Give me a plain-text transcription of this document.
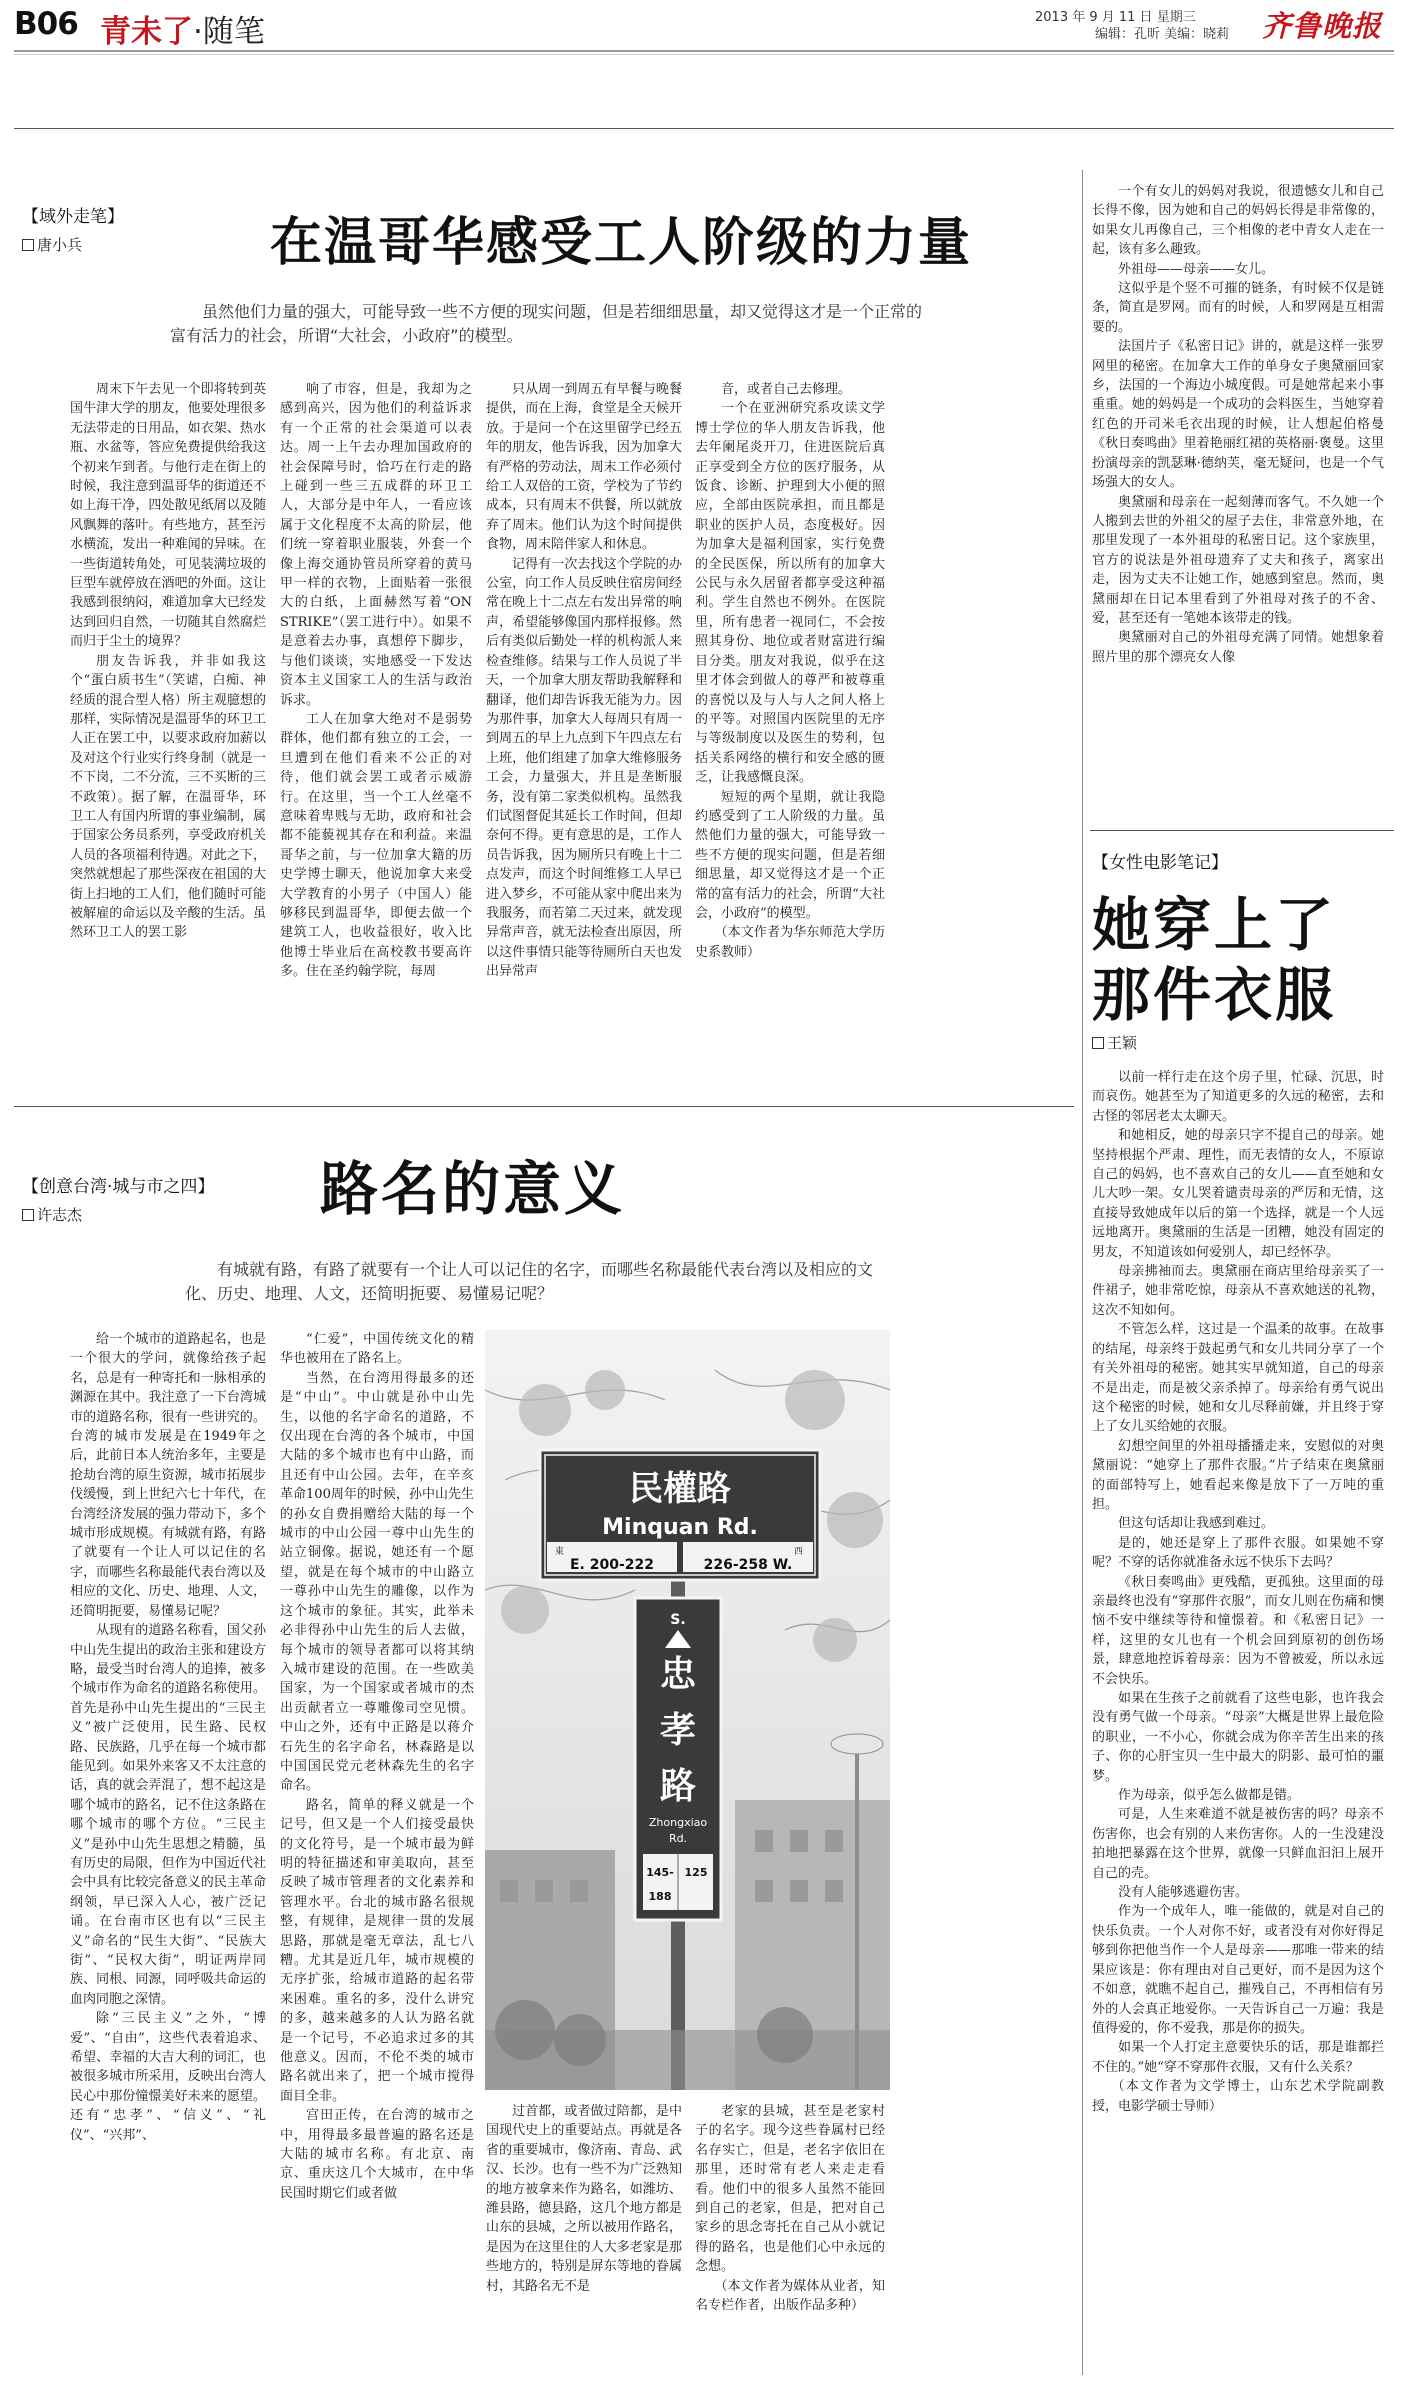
B06 青未了·随笔	2013 年 9 月 11 日 星期三
编辑：孔昕 美编：晓莉 齐鲁晚报
【域外走笔】
唐小兵	在温哥华感受工人阶级的力量
虽然他们力量的强大，可能导致一些不方便的现实问题，但是若细细思量，却又觉得这才是一个正常的富有活力的社会，所谓“大社会，小政府”的模型。

周末下午去见一个即将转到英国牛津大学的朋友，他要处理很多无法带走的日用品，如衣架、热水瓶、水盆等，答应免费提供给我这个初来乍到者。与他行走在街上的时候，我注意到温哥华的街道还不如上海干净，四处散见纸屑以及随风飘舞的落叶。有些地方，甚至污水横流，发出一种难闻的异味。在一些街道转角处，可见装满垃圾的巨型车就停放在酒吧的外面。这让我感到很纳闷，难道加拿大已经发达到回归自然，一切随其自然腐烂而归于尘土的境界？

朋友告诉我，并非如我这个“蛋白质书生”（笑谑，白痴、神经质的混合型人格）所主观臆想的那样，实际情况是温哥华的环卫工人正在罢工中，以要求政府加薪以及对这个行业实行终身制（就是一不下岗，二不分流，三不买断的三不政策）。据了解，在温哥华，环卫工人有国内所谓的事业编制，属于国家公务员系列，享受政府机关人员的各项福利待遇。对此之下，突然就想起了那些深夜在祖国的大街上扫地的工人们，他们随时可能被解雇的命运以及辛酸的生活。虽然环卫工人的罢工影

响了市容，但是，我却为之感到高兴，因为他们的利益诉求有一个正常的社会渠道可以表达。周一上午去办理加国政府的社会保障号时，恰巧在行走的路上碰到一些三五成群的环卫工人，大部分是中年人，一看应该属于文化程度不太高的阶层，他们统一穿着职业服装，外套一个像上海交通协管员所穿着的黄马甲一样的衣物，上面贴着一张很大的白纸，上面赫然写着“ON STRIKE”（罢工进行中）。如果不是意着去办事，真想停下脚步，与他们谈谈，实地感受一下发达资本主义国家工人的生活与政治诉求。

工人在加拿大绝对不是弱势群体，他们都有独立的工会，一旦遭到在他们看来不公正的对待，他们就会罢工或者示威游行。在这里，当一个工人丝毫不意味着卑贱与无助，政府和社会都不能藐视其存在和利益。来温哥华之前，与一位加拿大籍的历史学博士聊天，他说加拿大来受大学教育的小男子（中国人）能够移民到温哥华，即便去做一个建筑工人，也收益很好，收入比他博士毕业后在高校教书要高许多。住在圣约翰学院，每周

只从周一到周五有早餐与晚餐提供，而在上海，食堂是全天候开放。于是问一个在这里留学已经五年的朋友，他告诉我，因为加拿大有严格的劳动法，周末工作必须付给工人双倍的工资，学校为了节约成本，只有周末不供餐，所以就放弃了周末。他们认为这个时间提供食物，周末陪伴家人和休息。

记得有一次去找这个学院的办公室，向工作人员反映住宿房间经常在晚上十二点左右发出异常的响声，希望能够像国内那样报修。然后有类似后勤处一样的机构派人来检查维修。结果与工作人员说了半天，一个加拿大朋友帮助我解释和翻译，他们却告诉我无能为力。因为那件事，加拿大人每周只有周一到周五的早上九点到下午四点左右上班，他们组建了加拿大维修服务工会，力量强大，并且是垄断服务，没有第二家类似机构。虽然我们试图督促其延长工作时间，但却奈何不得。更有意思的是，工作人员告诉我，因为厕所只有晚上十二点发声，而这个时间维修工人早已进入梦乡，不可能从家中爬出来为我服务，而若第二天过来，就发现异常声音，就无法检查出原因，所以这件事情只能等待厕所白天也发出异常声

音，或者自己去修理。

一个在亚洲研究系攻读文学博士学位的华人朋友告诉我，他去年阑尾炎开刀，住进医院后真正享受到全方位的医疗服务，从饭食、诊断、护理到大小便的照应，全部由医院承担，而且都是职业的医护人员，态度极好。因为加拿大是福利国家，实行免费的全民医保，所以所有的加拿大公民与永久居留者都享受这种福利。学生自然也不例外。在医院里，所有患者一视同仁，不会按照其身份、地位或者财富进行编目分类。朋友对我说，似乎在这里才体会到做人的尊严和被尊重的喜悦以及与人与人之间人格上的平等。对照国内医院里的无序与等级制度以及医生的势利，包括关系网络的横行和安全感的匮乏，让我感慨良深。

短短的两个星期，就让我隐约感受到了工人阶级的力量。虽然他们力量的强大，可能导致一些不方便的现实问题，但是若细细思量，却又觉得这才是一个正常的富有活力的社会，所谓“大社会，小政府”的模型。

（本文作者为华东师范大学历史系教师）

【创意台湾·城与市之四】
许志杰	路名的意义
有城就有路，有路了就要有一个让人可以记住的名字，而哪些名称最能代表台湾以及相应的文化、历史、地理、人文，还简明扼要、易懂易记呢？

给一个城市的道路起名，也是一个很大的学问，就像给孩子起名，总是有一种寄托和一脉相承的渊源在其中。我注意了一下台湾城市的道路名称，很有一些讲究的。台湾的城市发展是在1949年之后，此前日本人统治多年，主要是抢劫台湾的原生资源，城市拓展步伐缓慢，到上世纪六七十年代，在台湾经济发展的强力带动下，多个城市形成规模。有城就有路，有路了就要有一个让人可以记住的名字，而哪些名称最能代表台湾以及相应的文化、历史、地理、人文，还简明扼要，易懂易记呢？

从现有的道路名称看，国父孙中山先生提出的政治主张和建设方略，最受当时台湾人的追捧，被多个城市作为命名的道路名称使用。首先是孙中山先生提出的“三民主义”被广泛使用，民生路、民权路、民族路，几乎在每一个城市都能见到。如果外来客又不太注意的话，真的就会弄混了，想不起这是哪个城市的路名，记不住这条路在哪个城市的哪个方位。“三民主义”是孙中山先生思想之精髓，虽有历史的局限，但作为中国近代社会中具有比较完备意义的民主革命纲领，早已深入人心，被广泛记诵。在台南市区也有以“三民主义”命名的“民生大街”、“民族大街”、“民权大街”，明证两岸同族、同根、同源，同呼吸共命运的血肉同胞之深情。

除“三民主义”之外，“博爱”、“自由”，这些代表着追求、希望、幸福的大吉大利的词汇，也被很多城市所采用，反映出台湾人民心中那份憧憬美好未来的愿望。还有“忠孝”、“信义”、“礼仪”、“兴邦”、

“仁爱”，中国传统文化的精华也被用在了路名上。

当然，在台湾用得最多的还是“中山”。中山就是孙中山先生，以他的名字命名的道路，不仅出现在台湾的各个城市，中国大陆的多个城市也有中山路，而且还有中山公园。去年，在辛亥革命100周年的时候，孙中山先生的孙女自费捐赠给大陆的每一个城市的中山公园一尊中山先生的站立铜像。据说，她还有一个愿望，就是在每个城市的中山路立一尊孙中山先生的雕像，以作为这个城市的象征。其实，此举未必非得孙中山先生的后人去做，每个城市的领导者都可以将其纳入城市建设的范围。在一些欧美国家，为一个国家或者城市的杰出贡献者立一尊雕像司空见惯。中山之外，还有中正路是以蒋介石先生的名字命名，林森路是以中国国民党元老林森先生的名字命名。

路名，简单的释义就是一个记号，但又是一个人们接受最快的文化符号，是一个城市最为鲜明的特征描述和审美取向，甚至反映了城市管理者的文化素养和管理水平。台北的城市路名很规整，有规律，是规律一贯的发展思路，那就是毫无章法，乱七八糟。尤其是近几年，城市规模的无序扩张，给城市道路的起名带来困难。重名的多，没什么讲究的多，越来越多的人认为路名就是一个记号，不必追求过多的其他意义。因而，不伦不类的城市路名就出来了，把一个城市搅得面目全非。

宫田正传，在台湾的城市之中，用得最多最普遍的路名还是大陆的城市名称。有北京、南京、重庆这几个大城市，在中华民国时期它们或者做

民權路
Minquan Rd.
東	西
E. 200-222	226-258 W.
S.
忠
孝
路
Zhongxiao
Rd.
145- 125
188

过首都，或者做过陪都，是中国现代史上的重要站点。再就是各省的重要城市，像济南、青岛、武汉、长沙。也有一些不为广泛熟知的地方被拿来作为路名，如潍坊、潍县路，德县路，这几个地方都是山东的县城，之所以被用作路名，是因为在这里住的人大多老家是那些地方的，特别是屏东等地的眷属村，其路名无不是

老家的县城，甚至是老家村子的名字。现今这些眷属村已经名存实亡，但是，老名字依旧在那里，还时常有老人来走走看看。他们中的很多人虽然不能回到自己的老家，但是，把对自己家乡的思念寄托在自己从小就记得的路名，也是他们心中永远的念想。

（本文作者为媒体从业者，知名专栏作者，出版作品多种）

一个有女儿的妈妈对我说，很遗憾女儿和自己长得不像，因为她和自己的妈妈长得是非常像的，如果女儿再像自己，三个相像的老中青女人走在一起，该有多么趣致。

外祖母——母亲——女儿。

这似乎是个竖不可摧的链条，有时候不仅是链条，简直是罗网。而有的时候，人和罗网是互相需要的。

法国片子《私密日记》讲的，就是这样一张罗网里的秘密。在加拿大工作的单身女子奥黛丽回家乡，法国的一个海边小城度假。可是她常起来小事重重。她的妈妈是一个成功的会料医生，当她穿着红色的开司米毛衣出现的时候，让人想起伯格曼《秋日奏鸣曲》里着艳丽红裙的英格丽·褒曼。这里扮演母亲的凯瑟琳·德纳芙，毫无疑问，也是一个气场强大的女人。

奥黛丽和母亲在一起刻薄而客气。不久她一个人搬到去世的外祖父的屋子去住，非常意外地，在那里发现了一本外祖母的私密日记。这个家族里，官方的说法是外祖母遗弃了丈夫和孩子，离家出走，因为丈夫不让她工作，她感到窒息。然而，奥黛丽却在日记本里看到了外祖母对孩子的不舍、爱，甚至还有一笔她本该带走的钱。

奥黛丽对自己的外祖母充满了同情。她想象着照片里的那个漂亮女人像

【女性电影笔记】
她穿上了
那件衣服
王颖

以前一样行走在这个房子里，忙碌、沉思，时而哀伤。她甚至为了知道更多的久远的秘密，去和古怪的邻居老太太聊天。

和她相反，她的母亲只字不提自己的母亲。她坚持根据个严肃、理性，而无表情的女人，不原谅自己的妈妈，也不喜欢自己的女儿——直至她和女儿大吵一架。女儿哭着谴责母亲的严厉和无情，这直接导致她成年以后的第一个选择，就是一个人远远地离开。奥黛丽的生活是一团糟，她没有固定的男友，不知道该如何爱别人，却已经怀孕。

母亲拂袖而去。奥黛丽在商店里给母亲买了一件裙子，她非常吃惊，母亲从不喜欢她送的礼物，这次不知如何。

不管怎么样，这过是一个温柔的故事。在故事的结尾，母亲终于鼓起勇气和女儿共同分享了一个有关外祖母的秘密。她其实早就知道，自己的母亲不是出走，而是被父亲杀掉了。母亲给有勇气说出这个秘密的时候，她和女儿尽释前嫌，并且终于穿上了女儿买给她的衣服。

幻想空间里的外祖母播播走来，安慰似的对奥黛丽说：“她穿上了那件衣服。”片子结束在奥黛丽的面部特写上，她看起来像是放下了一万吨的重担。

但这句话却让我感到难过。

是的，她还是穿上了那件衣服。如果她不穿呢？不穿的话你就准备永远不快乐下去吗？

《秋日奏鸣曲》更残酷，更孤独。这里面的母亲最终也没有“穿那件衣服”，而女儿则在伤痛和懊恼不安中继续等待和憧憬着。和《私密日记》一样，这里的女儿也有一个机会回到原初的创伤场景，肆意地控诉着母亲：因为不曾被爱，所以永远不会快乐。

如果在生孩子之前就看了这些电影，也许我会没有勇气做一个母亲。“母亲”大概是世界上最危险的职业，一不小心，你就会成为你辛苦生出来的孩子、你的心肝宝贝一生中最大的阴影、最可怕的噩梦。

作为母亲，似乎怎么做都是错。

可是，人生来难道不就是被伤害的吗？母亲不伤害你，也会有别的人来伤害你。人的一生没建没拍地把暴露在这个世界，就像一只鲜血汩汩上展开自己的壳。

没有人能够逃避伤害。

作为一个成年人，唯一能做的，就是对自己的快乐负责。一个人对你不好，或者没有对你好得足够到你把他当作一个人是母亲——那唯一带来的结果应该是：你有理由对自己更好，而不是因为这个不如意，就瞧不起自己，摧残自己，不再相信有另外的人会真正地爱你。一天告诉自己一万遍：我是值得爱的，你不爱我，那是你的损失。

如果一个人打定主意要快乐的话，那是谁都拦不住的。”她“穿不穿那件衣服，又有什么关系？

（本文作者为文学博士，山东艺术学院副教授，电影学硕士导师）
